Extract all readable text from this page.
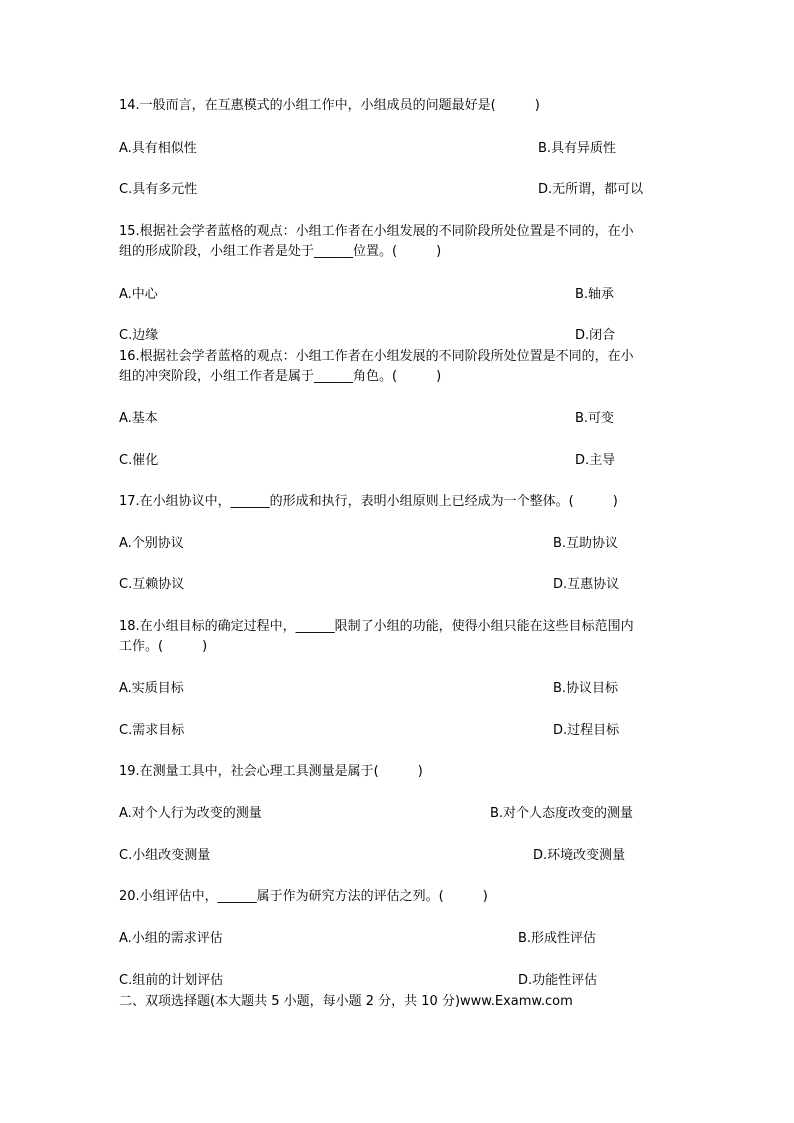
14.一般而言，在互惠模式的小组工作中，小组成员的问题最好是(　　　)
A.具有相似性	B.具有异质性
C.具有多元性	D.无所谓，都可以
15.根据社会学者蓝格的观点：小组工作者在小组发展的不同阶段所处位置是不同的，在小
组的形成阶段，小组工作者是处于______位置。(　　　)
A.中心	B.轴承
C.边缘	D.闭合
16.根据社会学者蓝格的观点：小组工作者在小组发展的不同阶段所处位置是不同的，在小
组的冲突阶段，小组工作者是属于______角色。(　　　)
A.基本	B.可变
C.催化	D.主导
17.在小组协议中，______的形成和执行，表明小组原则上已经成为一个整体。(　　　)
A.个别协议	B.互助协议
C.互赖协议	D.互惠协议
18.在小组目标的确定过程中，______限制了小组的功能，使得小组只能在这些目标范围内
工作。(　　　)
A.实质目标	B.协议目标
C.需求目标	D.过程目标
19.在测量工具中，社会心理工具测量是属于(　　　)
A.对个人行为改变的测量	B.对个人态度改变的测量
C.小组改变测量	D.环境改变测量
20.小组评估中，______属于作为研究方法的评估之列。(　　　)
A.小组的需求评估	B.形成性评估
C.组前的计划评估	D.功能性评估
二、双项选择题(本大题共 5 小题，每小题 2 分，共 10 分)www.Examw.com
